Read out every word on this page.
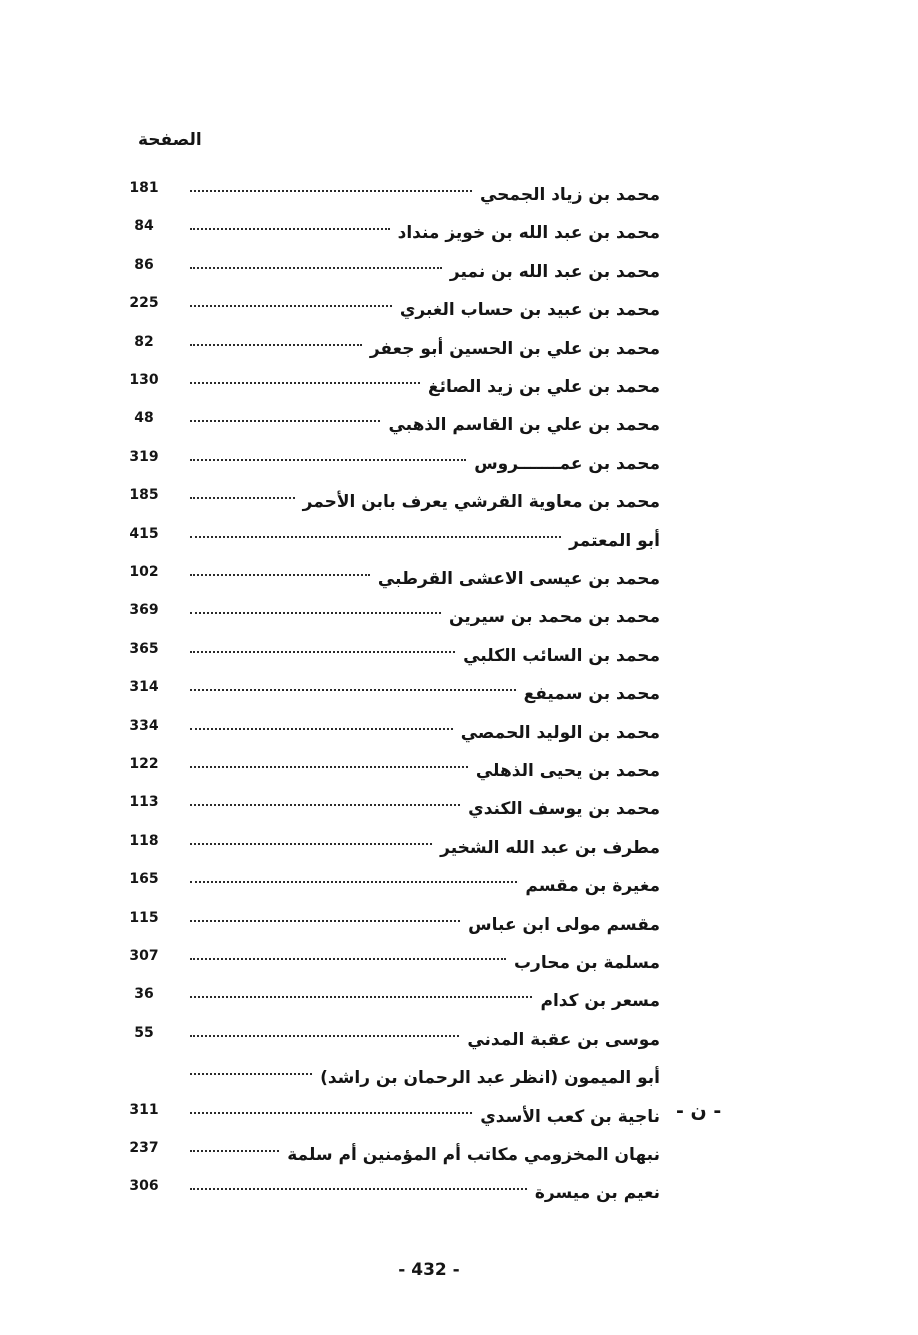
الصفحة
181	محمد بن زياد الجمحي
84	محمد بن عبد الله بن خويز منداد
86	محمد بن عبد الله بن نمير
225	محمد بن عبيد بن حساب الغبري
82	محمد بن علي بن الحسين أبو جعفر
130	محمد بن علي بن زيد الصائغ
48	محمد بن علي بن القاسم الذهبي
319	محمد بن عمـــــــروس
185	محمد بن معاوية القرشي يعرف بابن الأحمر
415	أبو المعتمر
102	محمد بن عيسى الاعشى القرطبي
369	محمد بن محمد بن سيرين
365	محمد بن السائب الكلبي
314	محمد بن سميفع
334	محمد بن الوليد الحمصي
122	محمد بن يحيى الذهلي
113	محمد بن يوسف الكندي
118	مطرف بن عبد الله الشخير
165	مغيرة بن مقسم
115	مقسم مولى ابن عباس
307	مسلمة بن محارب
36	مسعر بن كدام
55	موسى بن عقبة المدني
أبو الميمون (انظر عبد الرحمان بن راشد)
311	ناجية بن كعب الأسدي
237	نبهان المخزومي مكاتب أم المؤمنين أم سلمة
306	نعيم بن ميسرة
- ن -
- 432 -
